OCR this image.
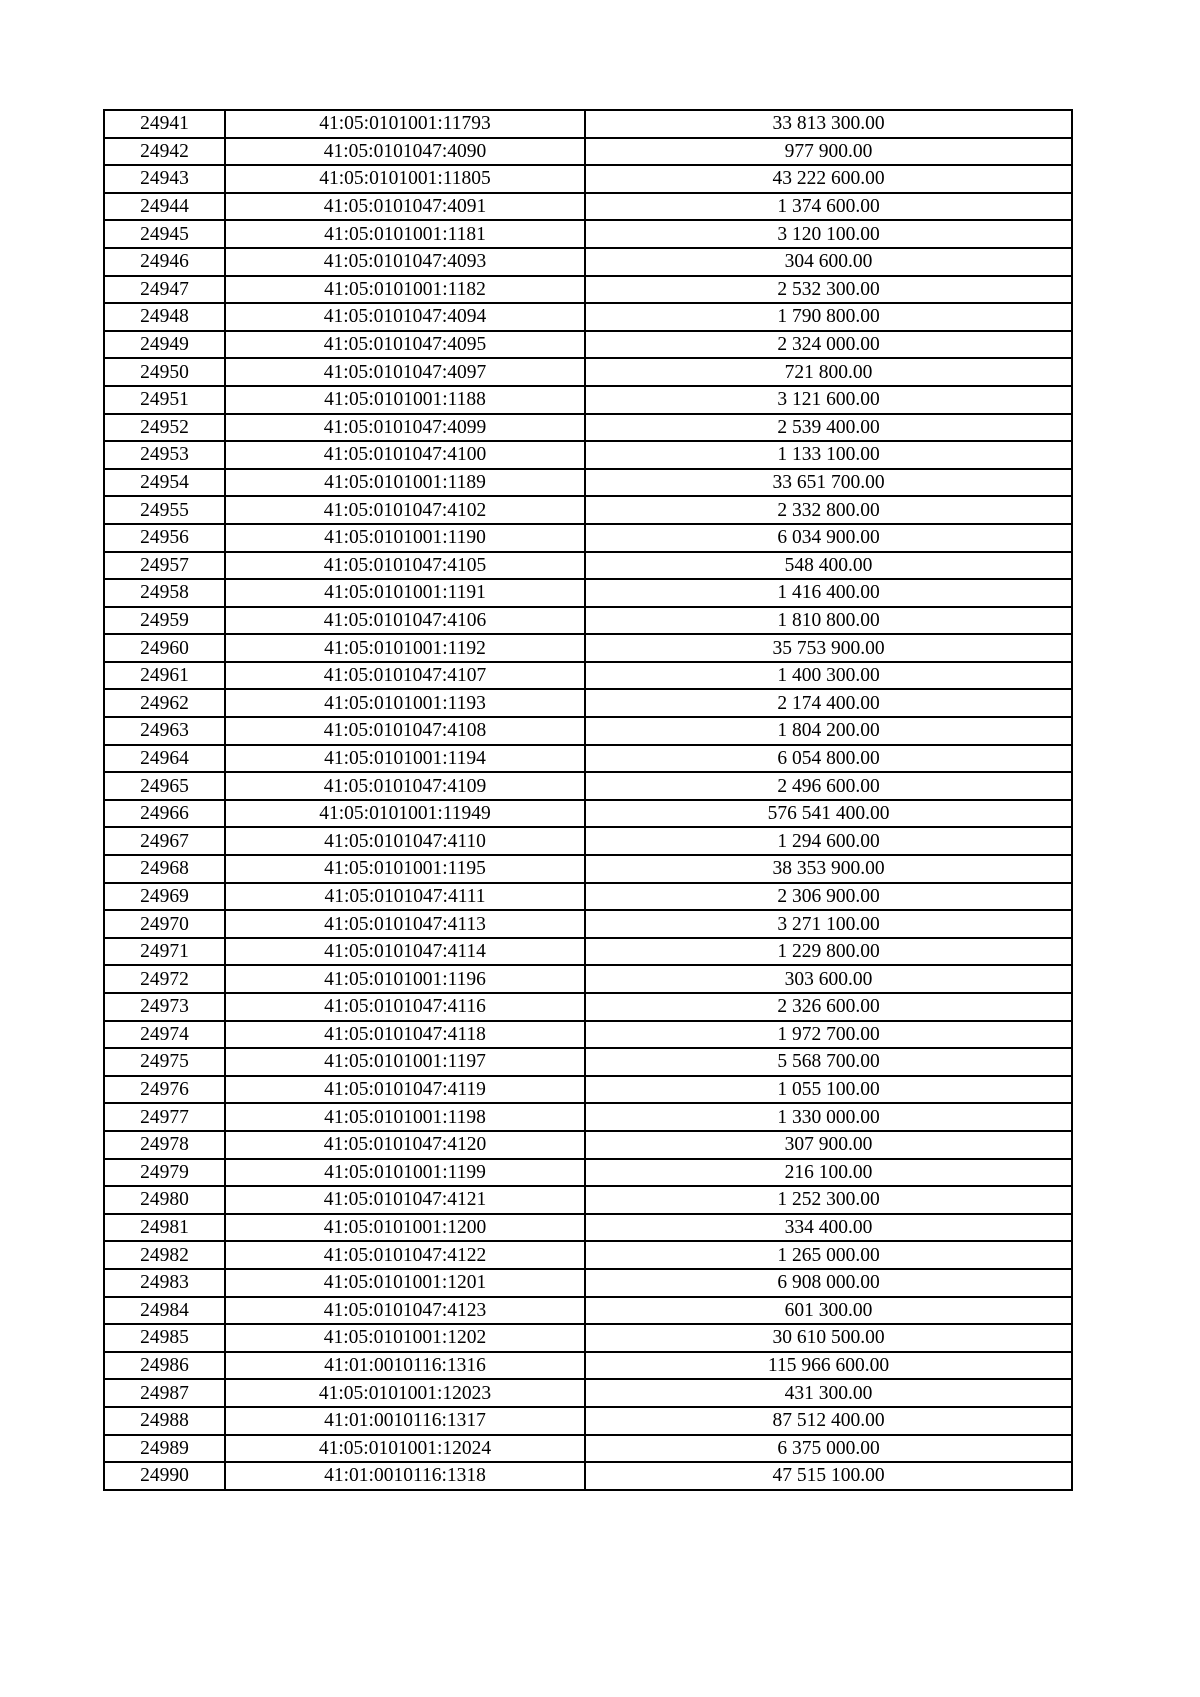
24941	41:05:0101001:11793	33 813 300.00
24942	41:05:0101047:4090	977 900.00
24943	41:05:0101001:11805	43 222 600.00
24944	41:05:0101047:4091	1 374 600.00
24945	41:05:0101001:1181	3 120 100.00
24946	41:05:0101047:4093	304 600.00
24947	41:05:0101001:1182	2 532 300.00
24948	41:05:0101047:4094	1 790 800.00
24949	41:05:0101047:4095	2 324 000.00
24950	41:05:0101047:4097	721 800.00
24951	41:05:0101001:1188	3 121 600.00
24952	41:05:0101047:4099	2 539 400.00
24953	41:05:0101047:4100	1 133 100.00
24954	41:05:0101001:1189	33 651 700.00
24955	41:05:0101047:4102	2 332 800.00
24956	41:05:0101001:1190	6 034 900.00
24957	41:05:0101047:4105	548 400.00
24958	41:05:0101001:1191	1 416 400.00
24959	41:05:0101047:4106	1 810 800.00
24960	41:05:0101001:1192	35 753 900.00
24961	41:05:0101047:4107	1 400 300.00
24962	41:05:0101001:1193	2 174 400.00
24963	41:05:0101047:4108	1 804 200.00
24964	41:05:0101001:1194	6 054 800.00
24965	41:05:0101047:4109	2 496 600.00
24966	41:05:0101001:11949	576 541 400.00
24967	41:05:0101047:4110	1 294 600.00
24968	41:05:0101001:1195	38 353 900.00
24969	41:05:0101047:4111	2 306 900.00
24970	41:05:0101047:4113	3 271 100.00
24971	41:05:0101047:4114	1 229 800.00
24972	41:05:0101001:1196	303 600.00
24973	41:05:0101047:4116	2 326 600.00
24974	41:05:0101047:4118	1 972 700.00
24975	41:05:0101001:1197	5 568 700.00
24976	41:05:0101047:4119	1 055 100.00
24977	41:05:0101001:1198	1 330 000.00
24978	41:05:0101047:4120	307 900.00
24979	41:05:0101001:1199	216 100.00
24980	41:05:0101047:4121	1 252 300.00
24981	41:05:0101001:1200	334 400.00
24982	41:05:0101047:4122	1 265 000.00
24983	41:05:0101001:1201	6 908 000.00
24984	41:05:0101047:4123	601 300.00
24985	41:05:0101001:1202	30 610 500.00
24986	41:01:0010116:1316	115 966 600.00
24987	41:05:0101001:12023	431 300.00
24988	41:01:0010116:1317	87 512 400.00
24989	41:05:0101001:12024	6 375 000.00
24990	41:01:0010116:1318	47 515 100.00
